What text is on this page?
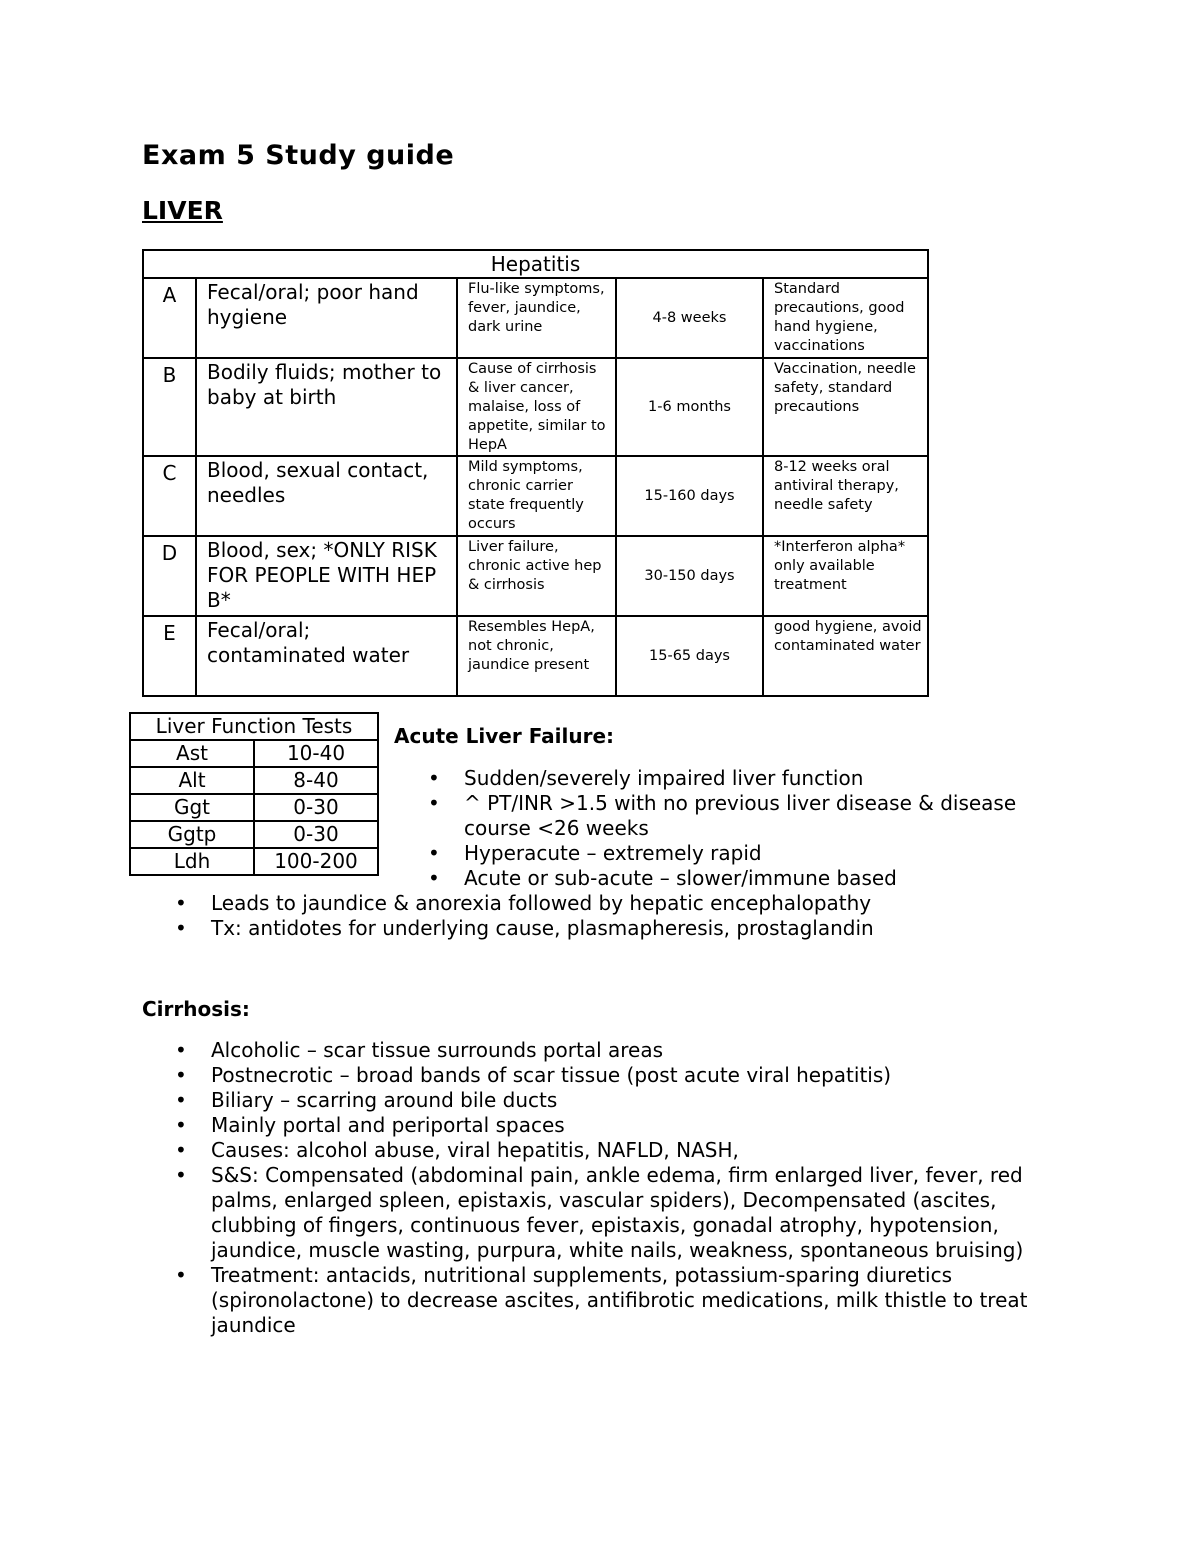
Exam 5 Study guide
LIVER
Hepatitis				
A	Fecal/oral; poor hand hygiene	Flu-like symptoms, fever, jaundice, dark urine	4-8 weeks	Standard precautions, good hand hygiene, vaccinations
B	Bodily fluids; mother to baby at birth	Cause of cirrhosis & liver cancer, malaise, loss of appetite, similar to HepA	1-6 months	Vaccination, needle safety, standard precautions
C	Blood, sexual contact, needles	Mild symptoms, chronic carrier state frequently occurs	15-160 days	8-12 weeks oral antiviral therapy, needle safety
D	Blood, sex; *ONLY RISK FOR PEOPLE WITH HEP B*	Liver failure, chronic active hep & cirrhosis	30-150 days	*Interferon alpha* only available treatment
E	Fecal/oral; contaminated water	Resembles HepA, not chronic, jaundice present	15-65 days	good hygiene, avoid contaminated water
Liver Function Tests	
Ast	10-40
Alt	8-40
Ggt	0-30
Ggtp	0-30
Ldh	100-200
Acute Liver Failure:
• Sudden/severely impaired liver function
• ^ PT/INR >1.5 with no previous liver disease & disease course <26 weeks
• Hyperacute – extremely rapid
• Acute or sub-acute – slower/immune based
• Leads to jaundice & anorexia followed by hepatic encephalopathy
• Tx: antidotes for underlying cause, plasmapheresis, prostaglandin
Cirrhosis:
• Alcoholic – scar tissue surrounds portal areas
• Postnecrotic – broad bands of scar tissue (post acute viral hepatitis)
• Biliary – scarring around bile ducts
• Mainly portal and periportal spaces
• Causes: alcohol abuse, viral hepatitis, NAFLD, NASH,
• S&S: Compensated (abdominal pain, ankle edema, firm enlarged liver, fever, red palms, enlarged spleen, epistaxis, vascular spiders), Decompensated (ascites, clubbing of fingers, continuous fever, epistaxis, gonadal atrophy, hypotension, jaundice, muscle wasting, purpura, white nails, weakness, spontaneous bruising)
• Treatment: antacids, nutritional supplements, potassium-sparing diuretics (spironolactone) to decrease ascites, antifibrotic medications, milk thistle to treat jaundice
